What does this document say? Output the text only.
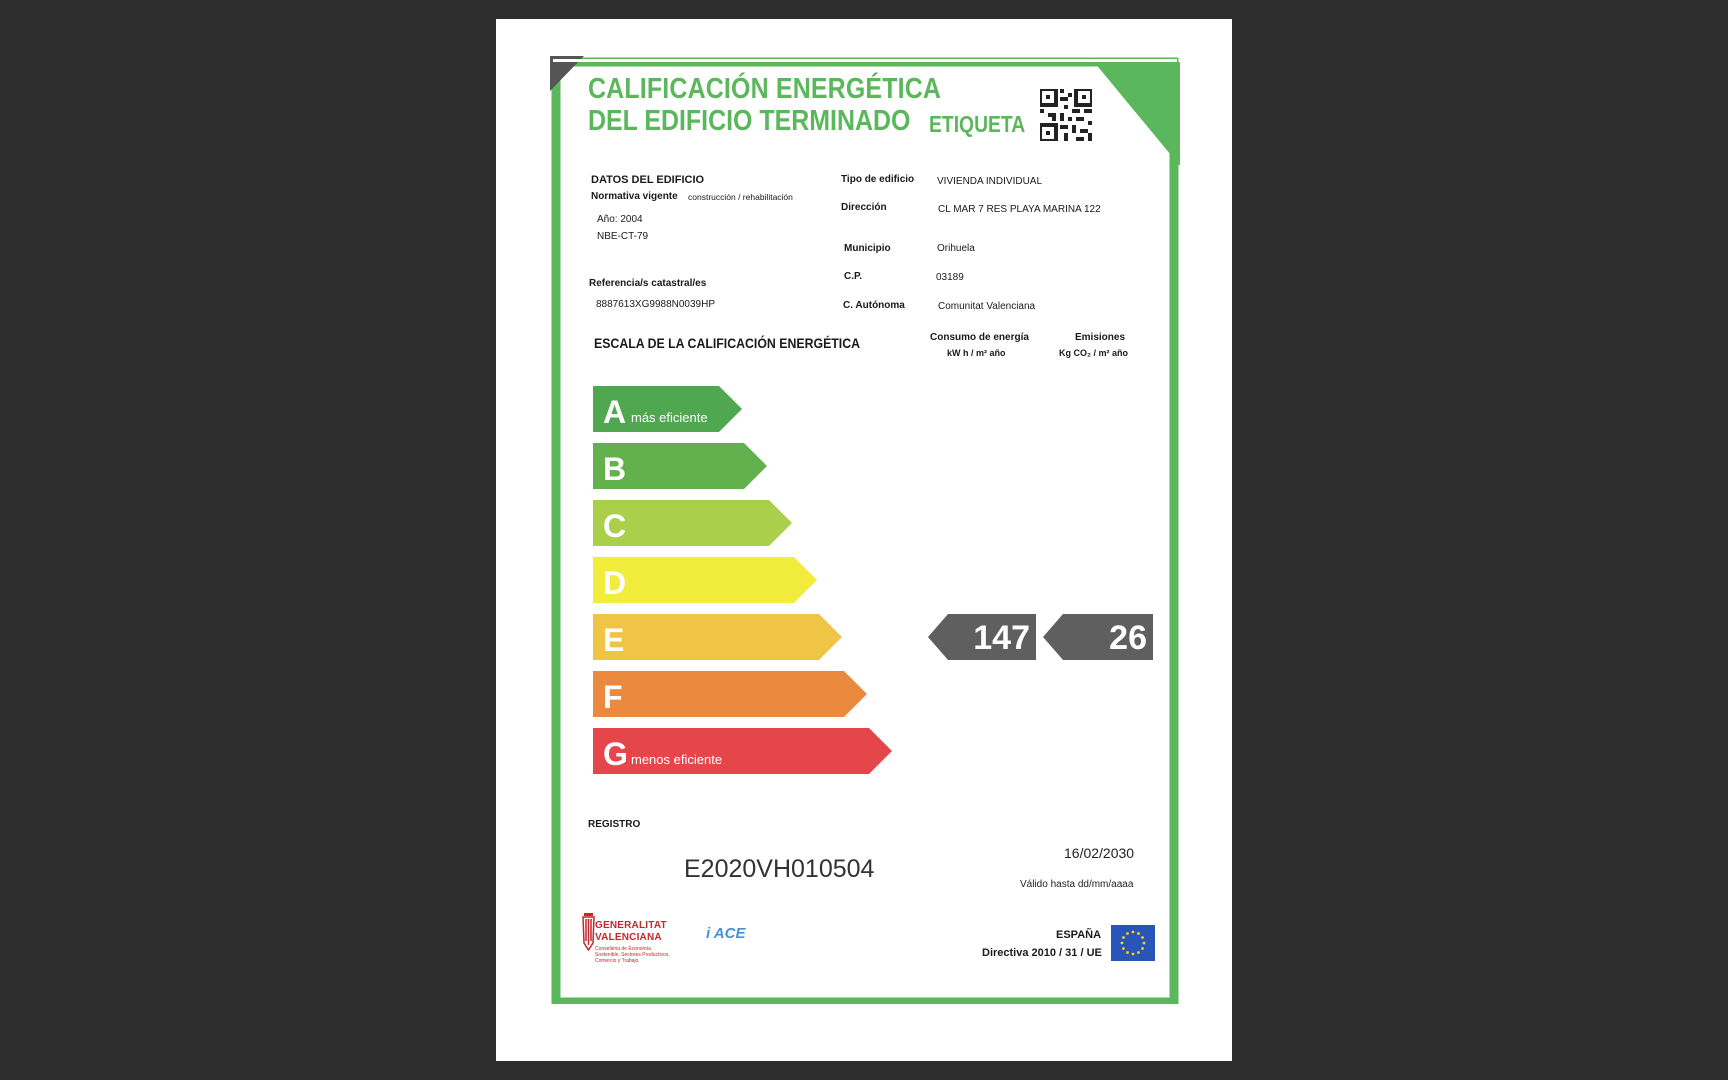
CALIFICACIÓN ENERGÉTICA
DEL EDIFICIO TERMINADO ETIQUETA
DATOS DEL EDIFICIO
Normativa vigente construcción / rehabilitación
Año: 2004
NBE-CT-79
Referencia/s catastral/es
8887613XG9988N0039HP
Tipo de edificio VIVIENDA INDIVIDUAL
Dirección	CL MAR 7 RES PLAYA MARINA 122
Municipio	Orihuela
C.P.	03189
C. Autónoma	Comunitat Valenciana
ESCALA DE LA CALIFICACIÓN ENERGÉTICA	Consumo de energía
kW h / m² año
Emisiones
Kg CO₂ / m² año
A más eficiente
B
C
D
E
F
G menos eficiente
147 26
REGISTRO
E2020VH010504
16/02/2030
Válido hasta dd/mm/aaaa
GENERALITAT
VALENCIANA
Conselleria de Economía
Sostenible, Sectores Productivos,
Comercio y Trabajo
i ACE	ESPAÑA
Directiva 2010 / 31 / UE
